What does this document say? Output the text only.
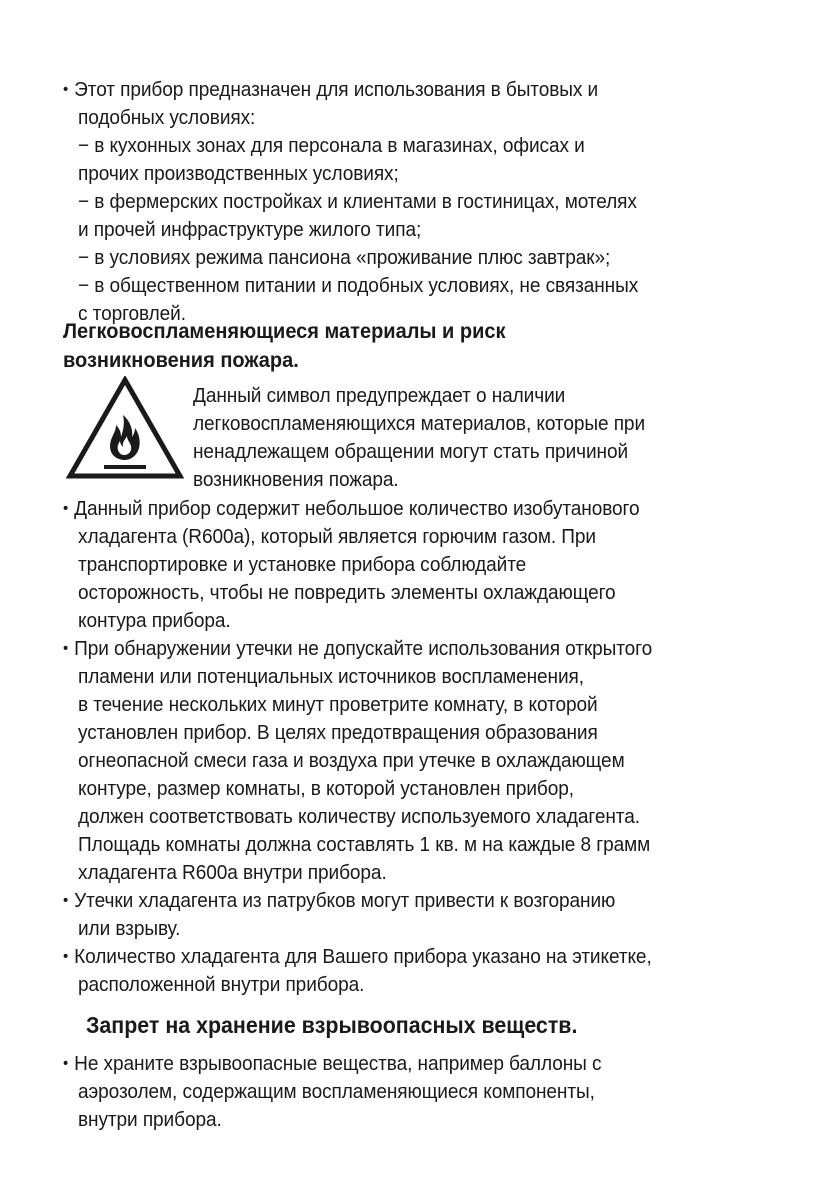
• Этот прибор предназначен для использования в бытовых и
подобных условиях:
− в кухонных зонах для персонала в магазинах, офисах и
прочих производственных условиях;
− в фермерских постройках и клиентами в гостиницах, мотелях
и прочей инфраструктуре жилого типа;
− в условиях режима пансиона «проживание плюс завтрак»;
− в общественном питании и подобных условиях, не связанных
с торговлей.
Легковоспламеняющиеся материалы и риск
возникновения пожара.
Данный символ предупреждает о наличии
легковоспламеняющихся материалов, которые при
ненадлежащем обращении могут стать причиной
возникновения пожара.
• Данный прибор содержит небольшое количество изобутанового
хладагента (R600a), который является горючим газом. При
транспортировке и установке прибора соблюдайте
осторожность, чтобы не повредить элементы охлаждающего
контура прибора.
• При обнаружении утечки не допускайте использования открытого
пламени или потенциальных источников воспламенения,
в течение нескольких минут проветрите комнату, в которой
установлен прибор. В целях предотвращения образования
огнеопасной смеси газа и воздуха при утечке в охлаждающем
контуре, размер комнаты, в которой установлен прибор,
должен соответствовать количеству используемого хладагента.
Площадь комнаты должна составлять 1 кв. м на каждые 8 грамм
хладагента R600a внутри прибора.
• Утечки хладагента из патрубков могут привести к возгоранию
или взрыву.
• Количество хладагента для Вашего прибора указано на этикетке,
расположенной внутри прибора.
Запрет на хранение взрывоопасных веществ.
• Не храните взрывоопасные вещества, например баллоны с
аэрозолем, содержащим воспламеняющиеся компоненты,
внутри прибора.
